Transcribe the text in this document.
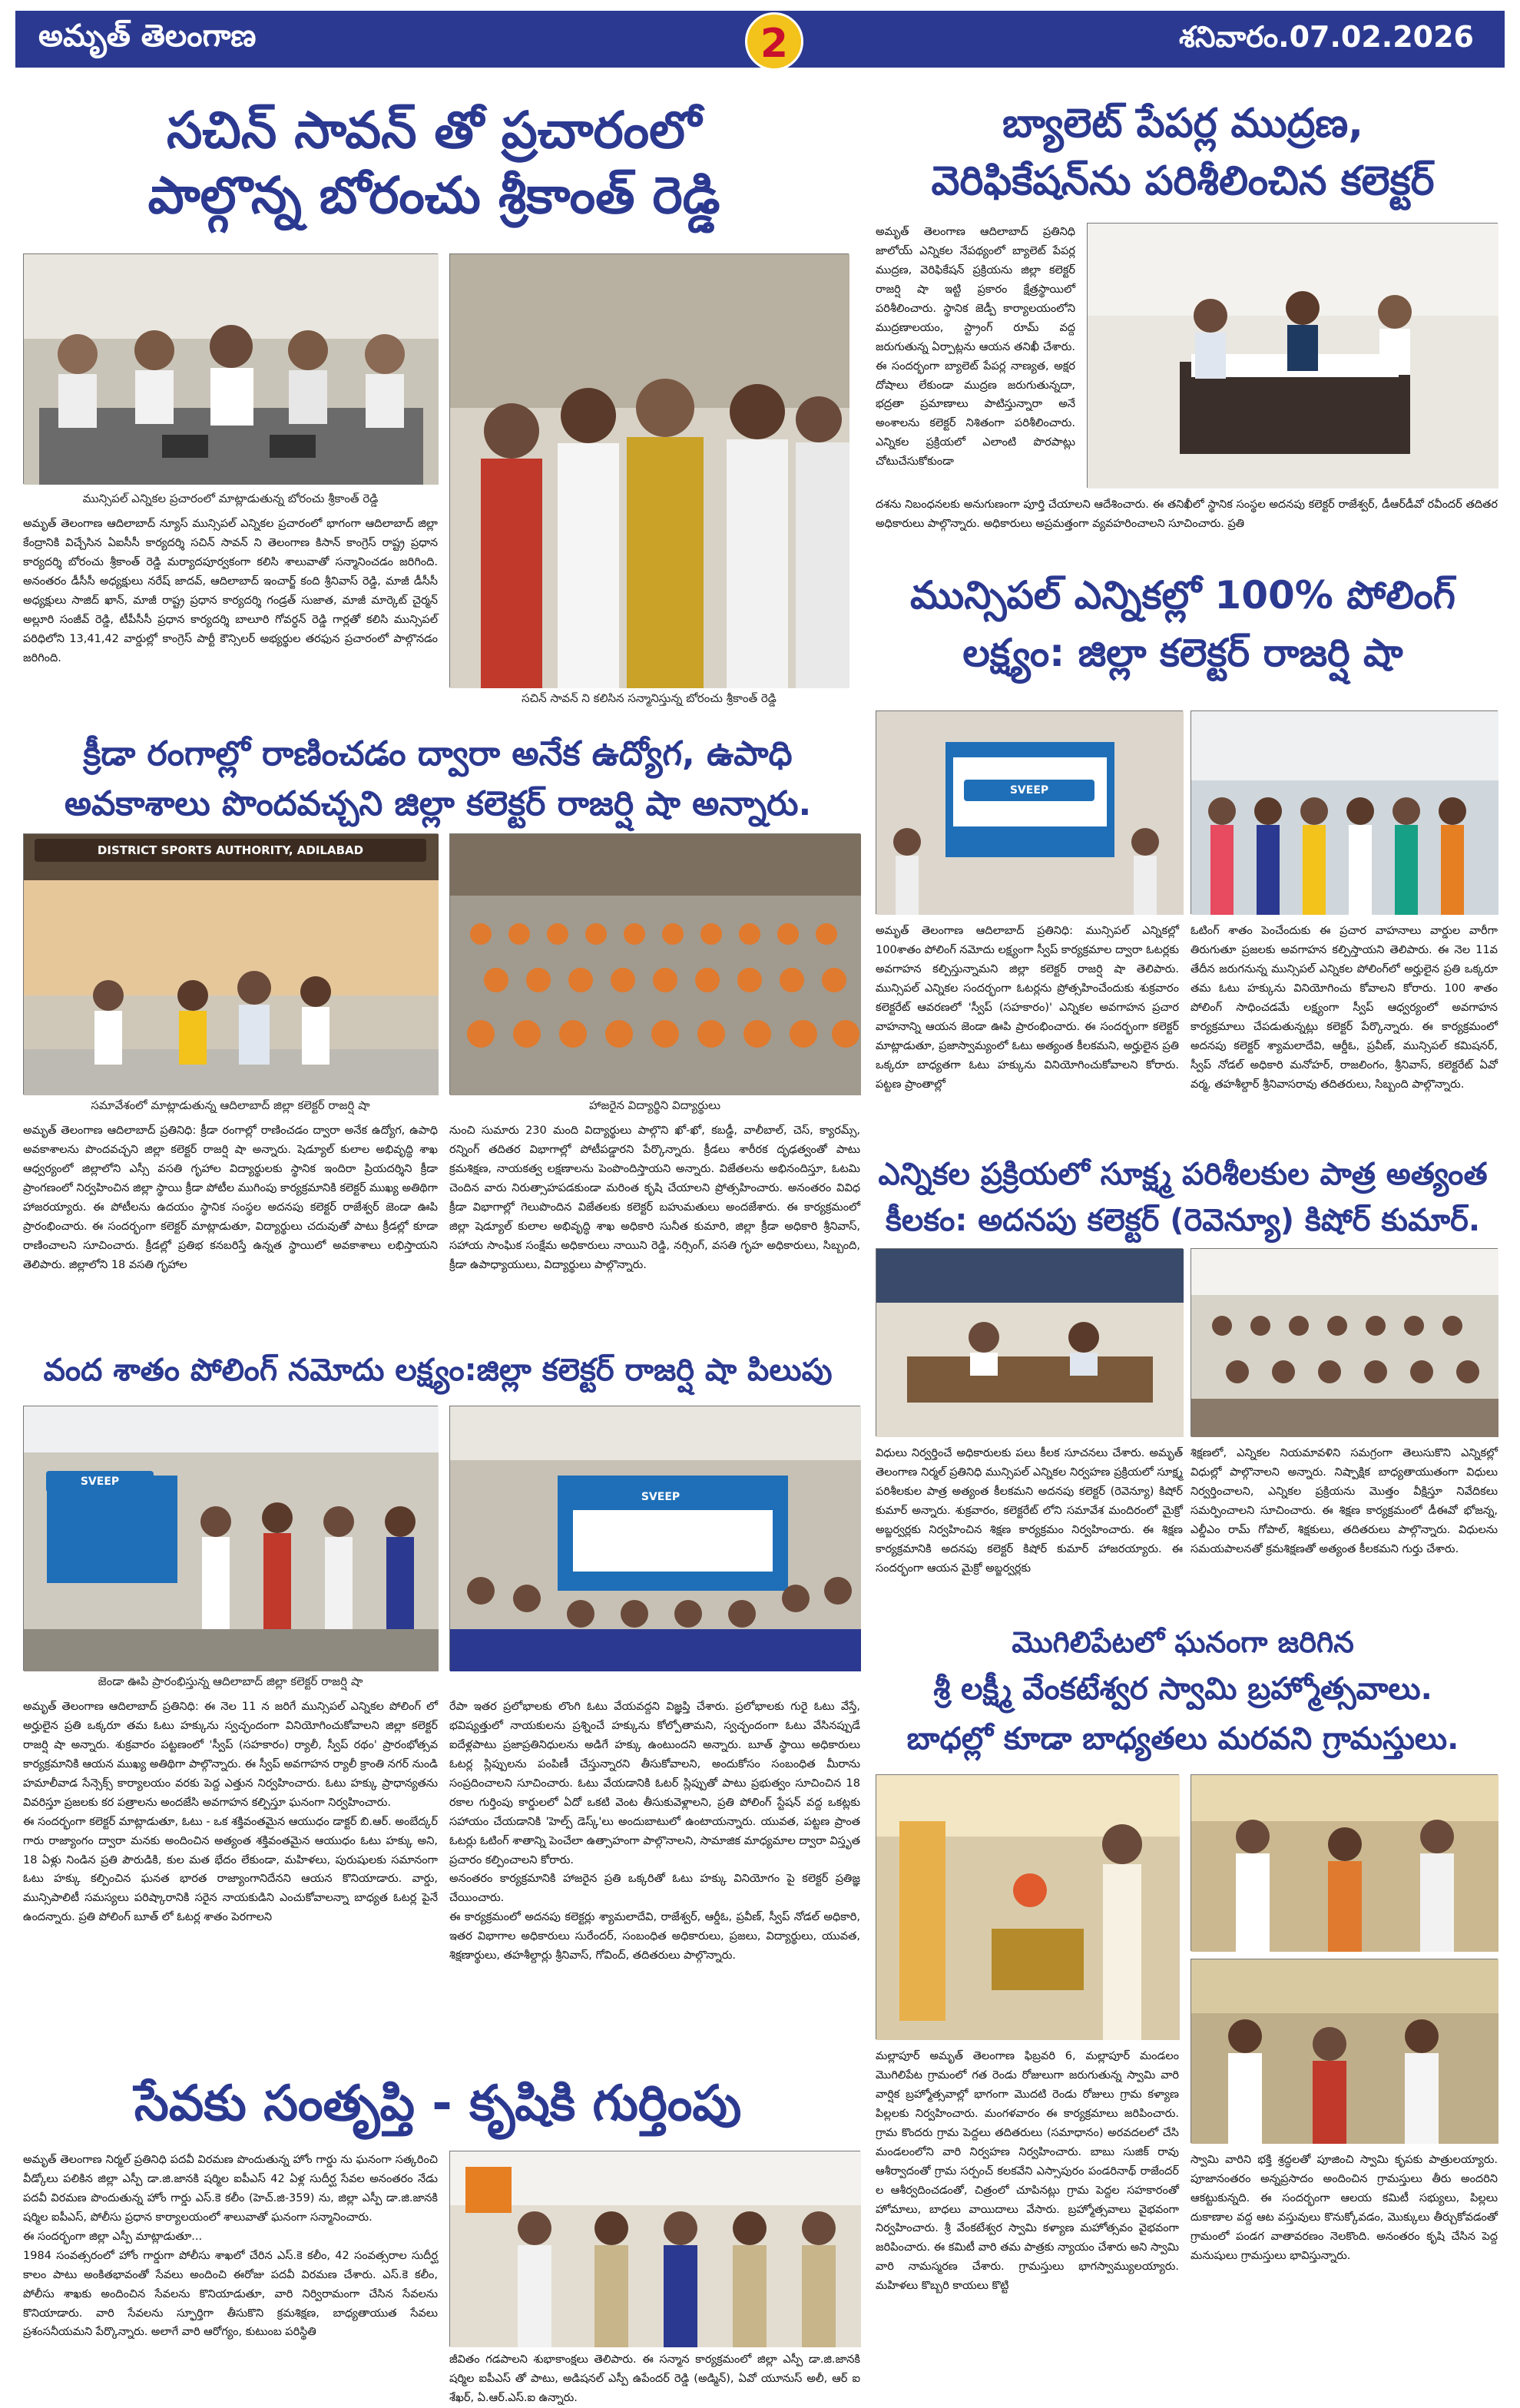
అమృత్ తెలంగాణ	2	శనివారం.07.02.2026
సచిన్ సావన్ తో ప్రచారంలో
పాల్గొన్న బోరంచు శ్రీకాంత్ రెడ్డి
మున్సిపల్ ఎన్నికల ప్రచారంలో మాట్లాడుతున్న బోరంచు శ్రీకాంత్ రెడ్డి
అమృత్ తెలంగాణ ఆదిలాబాద్ న్యూస్ మున్సిపల్ ఎన్నికల ప్రచారంలో భాగంగా ఆదిలాబాద్ జిల్లా కేంద్రానికి విచ్చేసిన ఏఐసీసీ కార్యదర్శి సచిన్ సావన్ ని తెలంగాణ కిసాన్ కాంగ్రెస్ రాష్ట్ర ప్రధాన కార్యదర్శి బోరంచు శ్రీకాంత్ రెడ్డి మర్యాదపూర్వకంగా కలిసి శాలువాతో సన్మానించడం జరిగింది. అనంతరం డీసీసీ అధ్యక్షులు నరేష్ జాదవ్, ఆదిలాబాద్ ఇంచార్జ్ కంది శ్రీనివాస్ రెడ్డి, మాజీ డీసీసీ అధ్యక్షులు సాజిద్ ఖాన్, మాజీ రాష్ట్ర ప్రధాన కార్యదర్శి గండ్రత్ సుజాత, మాజీ మార్కెట్ చైర్మన్ అల్లూరి సంజీవ్ రెడ్డి, టీపీసీసీ ప్రధాన కార్యదర్శి బాలూరి గోవర్ధన్ రెడ్డి గార్లతో కలిసి మున్సిపల్ పరిధిలోని 13,41,42 వార్డుల్లో కాంగ్రెస్ పార్టీ కౌన్సిలర్ అభ్యర్థుల తరఫున ప్రచారంలో పాల్గొనడం జరిగింది.
సచిన్ సావన్ ని కలిసిన సన్మానిస్తున్న బోరంచు శ్రీకాంత్ రెడ్డి
బ్యాలెట్ పేపర్ల ముద్రణ,
వెరిఫికేషన్‌ను పరిశీలించిన కలెక్టర్
అమృత్ తెలంగాణ ఆదిలాబాద్ ప్రతినిధి జాలోయ్ ఎన్నికల నేపథ్యంలో బ్యాలెట్ పేపర్ల ముద్రణ, వెరిఫికేషన్ ప్రక్రియను జిల్లా కలెక్టర్ రాజర్షి షా ఇట్టి ప్రకారం క్షేత్రస్థాయిలో పరిశీలించారు. స్థానిక జెడ్పీ కార్యాలయంలోని ముద్రణాలయం, స్ట్రాంగ్ రూమ్ వద్ద జరుగుతున్న ఏర్పాట్లను ఆయన తనిఖీ చేశారు. ఈ సందర్భంగా బ్యాలెట్ పేపర్ల నాణ్యత, అక్షర దోషాలు లేకుండా ముద్రణ జరుగుతున్నదా, భద్రతా ప్రమాణాలు పాటిస్తున్నారా అనే అంశాలను కలెక్టర్ నిశితంగా పరిశీలించారు. ఎన్నికల ప్రక్రియలో ఎలాంటి పొరపాట్లు చోటుచేసుకోకుండా
దశను నిబంధనలకు అనుగుణంగా పూర్తి చేయాలని ఆదేశించారు. ఈ తనిఖీలో స్థానిక సంస్థల అదనపు కలెక్టర్ రాజేశ్వర్, డీఆర్‌డీవో రవీందర్ తదితర అధికారులు పాల్గొన్నారు. అధికారులు అప్రమత్తంగా వ్యవహరించాలని సూచించారు. ప్రతి
మున్సిపల్ ఎన్నికల్లో 100% పోలింగ్
లక్ష్యం: జిల్లా కలెక్టర్ రాజర్షి షా
SVEEP
అమృత్ తెలంగాణ ఆదిలాబాద్ ప్రతినిధి: మున్సిపల్ ఎన్నికల్లో 100శాతం పోలింగ్ నమోదు లక్ష్యంగా స్వీప్ కార్యక్రమాల ద్వారా ఓటర్లకు అవగాహన కల్పిస్తున్నామని జిల్లా కలెక్టర్ రాజర్షి షా తెలిపారు. మున్సిపల్ ఎన్నికల సందర్భంగా ఓటర్లను ప్రోత్సహించేందుకు శుక్రవారం కలెక్టరేట్ ఆవరణలో 'స్వీప్ (సహకారం)' ఎన్నికల అవగాహన ప్రచార వాహనాన్ని ఆయన జెండా ఊపి ప్రారంభించారు. ఈ సందర్భంగా కలెక్టర్ మాట్లాడుతూ, ప్రజాస్వామ్యంలో ఓటు అత్యంత కీలకమని, అర్హులైన ప్రతి ఒక్కరూ బాధ్యతగా ఓటు హక్కును వినియోగించుకోవాలని కోరారు. పట్టణ ప్రాంతాల్లో
ఓటింగ్ శాతం పెంచేందుకు ఈ ప్రచార వాహనాలు వార్డుల వారీగా తిరుగుతూ ప్రజలకు అవగాహన కల్పిస్తాయని తెలిపారు. ఈ నెల 11వ తేదీన జరుగనున్న మున్సిపల్ ఎన్నికల పోలింగ్‌లో అర్హులైన ప్రతి ఒక్కరూ తమ ఓటు హక్కును వినియోగించు కోవాలని కోరారు. 100 శాతం పోలింగ్ సాధించడమే లక్ష్యంగా స్వీప్ ఆధ్వర్యంలో అవగాహన కార్యక్రమాలు చేపడుతున్నట్లు కలెక్టర్ పేర్కొన్నారు. ఈ కార్యక్రమంలో అదనపు కలెక్టర్ శ్యామలాదేవి, ఆర్డీఓ, ప్రవీణ్, మున్సిపల్ కమిషనర్, స్వీప్ నోడల్ అధికారి మనోహర్, రాజలింగం, శ్రీనివాస్, కలెక్టరేట్ ఏవో వర్మ, తహశీల్దార్ శ్రీనివాసరావు తదితరులు, సిబ్బంది పాల్గొన్నారు.
క్రీడా రంగాల్లో రాణించడం ద్వారా అనేక ఉద్యోగ, ఉపాధి
అవకాశాలు పొందవచ్చని జిల్లా కలెక్టర్ రాజర్షి షా అన్నారు.
DISTRICT SPORTS AUTHORITY, ADILABAD
సమావేశంలో మాట్లాడుతున్న ఆదిలాబాద్ జిల్లా కలెక్టర్ రాజర్షి షా	హాజరైన విద్యార్థిని విద్యార్థులు
అమృత్ తెలంగాణ ఆదిలాబాద్ ప్రతినిధి: క్రీడా రంగాల్లో రాణించడం ద్వారా అనేక ఉద్యోగ, ఉపాధి అవకాశాలను పొందవచ్చని జిల్లా కలెక్టర్ రాజర్షి షా అన్నారు. షెడ్యూల్ కులాల అభివృద్ధి శాఖ ఆధ్వర్యంలో జిల్లాలోని ఎస్సీ వసతి గృహాల విద్యార్థులకు స్థానిక ఇందిరా ప్రియదర్శిని క్రీడా ప్రాంగణంలో నిర్వహించిన జిల్లా స్థాయి క్రీడా పోటీల ముగింపు కార్యక్రమానికి కలెక్టర్ ముఖ్య అతిథిగా హాజరయ్యారు. ఈ పోటీలను ఉదయం స్థానిక సంస్థల అదనపు కలెక్టర్ రాజేశ్వర్ జెండా ఊపి ప్రారంభించారు. ఈ సందర్భంగా కలెక్టర్ మాట్లాడుతూ, విద్యార్థులు చదువుతో పాటు క్రీడల్లో కూడా రాణించాలని సూచించారు. క్రీడల్లో ప్రతిభ కనబరిస్తే ఉన్నత స్థాయిలో అవకాశాలు లభిస్తాయని తెలిపారు. జిల్లాలోని 18 వసతి గృహాల
నుంచి సుమారు 230 మంది విద్యార్థులు పాల్గొని ఖో-ఖో, కబడ్డీ, వాలీబాల్, చెస్, క్యారమ్స్, రన్నింగ్ తదితర విభాగాల్లో పోటీపడ్డారని పేర్కొన్నారు. క్రీడలు శారీరక దృఢత్వంతో పాటు క్రమశిక్షణ, నాయకత్వ లక్షణాలను పెంపొందిస్తాయని అన్నారు. విజేతలను అభినందిస్తూ, ఓటమి చెందిన వారు నిరుత్సాహపడకుండా మరింత కృషి చేయాలని ప్రోత్సహించారు. అనంతరం వివిధ క్రీడా విభాగాల్లో గెలుపొందిన విజేతలకు కలెక్టర్ బహుమతులు అందజేశారు. ఈ కార్యక్రమంలో జిల్లా షెడ్యూల్ కులాల అభివృద్ధి శాఖ అధికారి సునీత కుమారి, జిల్లా క్రీడా అధికారి శ్రీనివాస్, సహాయ సాంఘిక సంక్షేమ అధికారులు నాయిని రెడ్డి, నర్సింగ్, వసతి గృహ అధికారులు, సిబ్బంది, క్రీడా ఉపాధ్యాయులు, విద్యార్థులు పాల్గొన్నారు.
ఎన్నికల ప్రక్రియలో సూక్ష్మ పరిశీలకుల పాత్ర అత్యంత
కీలకం: అదనపు కలెక్టర్ (రెవెన్యూ) కిషోర్ కుమార్.
విధులు నిర్వర్తించే అధికారులకు పలు కీలక సూచనలు చేశారు. అమృత్ తెలంగాణ నిర్మల్ ప్రతినిధి మున్సిపల్ ఎన్నికల నిర్వహణ ప్రక్రియలో సూక్ష్మ పరిశీలకుల పాత్ర అత్యంత కీలకమని అదనపు కలెక్టర్ (రెవెన్యూ) కిషోర్ కుమార్ అన్నారు. శుక్రవారం, కలెక్టరేట్ లోని సమావేశ మందిరంలో మైక్రో అబ్జర్వర్లకు నిర్వహించిన శిక్షణ కార్యక్రమం నిర్వహించారు. ఈ శిక్షణ కార్యక్రమానికి అదనపు కలెక్టర్ కిషోర్ కుమార్ హాజరయ్యారు. ఈ సందర్భంగా ఆయన మైక్రో అబ్జర్వర్లకు
శిక్షణలో, ఎన్నికల నియమావళిని సమగ్రంగా తెలుసుకొని ఎన్నికల్లో విధుల్లో పాల్గొనాలని అన్నారు. నిష్పాక్షిక బాధ్యతాయుతంగా విధులు నిర్వర్తించాలని, ఎన్నికల ప్రక్రియను మొత్తం వీక్షిస్తూ నివేదికలు సమర్పించాలని సూచించారు. ఈ శిక్షణ కార్యక్రమంలో డీఈవో భోజన్న, ఎల్డీఎం రామ్ గోపాల్, శిక్షకులు, తదితరులు పాల్గొన్నారు. విధులను సమయపాలనతో క్రమశిక్షణతో అత్యంత కీలకమని గుర్తు చేశారు.
వంద శాతం పోలింగ్ నమోదు లక్ష్యం:జిల్లా కలెక్టర్ రాజర్షి షా పిలుపు
SVEEP
జెండా ఊపి ప్రారంభిస్తున్న ఆదిలాబాద్ జిల్లా కలెక్టర్ రాజర్షి షా
SVEEP
అమృత్ తెలంగాణ ఆదిలాబాద్ ప్రతినిధి: ఈ నెల 11 న జరిగే మున్సిపల్ ఎన్నికల పోలింగ్ లో అర్హులైన ప్రతి ఒక్కరూ తమ ఓటు హక్కును స్వచ్ఛందంగా వినియోగించుకోవాలని జిల్లా కలెక్టర్ రాజర్షి షా అన్నారు. శుక్రవారం పట్టణంలో 'స్వీప్ (సహకారం) ర్యాలీ, స్వీప్ రథం' ప్రారంభోత్సవ కార్యక్రమానికి ఆయన ముఖ్య అతిథిగా పాల్గొన్నారు. ఈ స్వీప్ అవగాహన ర్యాలీ క్రాంతి నగర్ నుండి హమాలీవాడ సేన్సెక్స్ కార్యాలయం వరకు పెద్ద ఎత్తున నిర్వహించారు. ఓటు హక్కు ప్రాధాన్యతను వివరిస్తూ ప్రజలకు కర పత్రాలను అందజేసి అవగాహన కల్పిస్తూ ఘనంగా నిర్వహించారు.
ఈ సందర్భంగా కలెక్టర్ మాట్లాడుతూ, ఓటు - ఒక శక్తివంతమైన ఆయుధం డాక్టర్ బి.ఆర్. అంబేద్కర్ గారు రాజ్యాంగం ద్వారా మనకు అందించిన అత్యంత శక్తివంతమైన ఆయుధం ఓటు హక్కు అని, 18 ఏళ్లు నిండిన ప్రతి పౌరుడికి, కుల మత భేదం లేకుండా, మహిళలు, పురుషులకు సమానంగా ఓటు హక్కు కల్పించిన ఘనత భారత రాజ్యాంగానిదేనని ఆయన కొనియాడారు. వార్డు, మున్సిపాలిటీ సమస్యలు పరిష్కారానికి సరైన నాయకుడిని ఎంచుకోవాలన్నా బాధ్యత ఓటర్ల పైనే ఉందన్నారు. ప్రతి పోలింగ్ బూత్ లో ఓటర్ల శాతం పెరగాలని
రేపా ఇతర ప్రలోభాలకు లొంగి ఓటు వేయవద్దని విజ్ఞప్తి చేశారు. ప్రలోభాలకు గురై ఓటు వేస్తే, భవిష్యత్తులో నాయకులను ప్రశ్నించే హక్కును కోల్పోతామని, స్వచ్ఛందంగా ఓటు వేసినప్పుడే ఐదేళ్లపాటు ప్రజాప్రతినిధులను అడిగే హక్కు ఉంటుందని అన్నారు. బూత్ స్థాయి అధికారులు ఓటర్ల స్లిప్పులను పంపిణీ చేస్తున్నారని తీసుకోవాలని, అందుకోసం సంబంధిత మీరాను సంప్రదించాలని సూచించారు. ఓటు వేయడానికి ఓటర్ స్లిప్పుతో పాటు ప్రభుత్వం సూచించిన 18 రకాల గుర్తింపు కార్డులలో ఏదో ఒకటి వెంట తీసుకువెళ్లాలని, ప్రతి పోలింగ్ స్టేషన్ వద్ద ఒకట్లకు సహాయం చేయడానికి 'హెల్ప్ డెస్క్'లు అందుబాటులో ఉంటాయన్నారు. యువత, పట్టణ ప్రాంత ఓటర్లు ఓటింగ్ శాతాన్ని పెంచేలా ఉత్సాహంగా పాల్గొనాలని, సామాజిక మాధ్యమాల ద్వారా విస్తృత ప్రచారం కల్పించాలని కోరారు.
అనంతరం కార్యక్రమానికి హాజరైన ప్రతి ఒక్కరితో ఓటు హక్కు వినియోగం పై కలెక్టర్ ప్రతిజ్ఞ చేయించారు.
ఈ కార్యక్రమంలో అదనపు కలెక్టర్లు శ్యామలాదేవి, రాజేశ్వర్, ఆర్డీఓ, ప్రవీణ్, స్వీప్ నోడల్ అధికారి, ఇతర విభాగాల అధికారులు సురేందర్, సంబంధిత అధికారులు, ప్రజలు, విద్యార్థులు, యువత, శిక్షణార్థులు, తహశీల్దార్లు శ్రీనివాస్, గోవింద్, తదితరులు పాల్గొన్నారు.
మొగిలిపేటలో ఘనంగా జరిగిన
శ్రీ లక్ష్మీ వేంకటేశ్వర స్వామి బ్రహ్మోత్సవాలు.
బాధల్లో కూడా బాధ్యతలు మరవని గ్రామస్తులు.
మల్లాపూర్ అమృత్ తెలంగాణ ఫిబ్రవరి 6, మల్లాపూర్ మండలం మొగిలిపేట గ్రామంలో గత రెండు రోజులుగా జరుగుతున్న స్వామి వారి వార్షిక బ్రహ్మోత్సవాల్లో భాగంగా మొదటి రెండు రోజులు గ్రామ కళ్యాణ పిల్లలకు నిర్వహించారు. మంగళవారం ఈ కార్యక్రమాలు జరిపించారు. గ్రామ కొందరు గ్రామ పెద్దలు తదితరులు (సమాధానం) అరవదలలో చేసి మండలంలోని వారి నిర్వహణ నిర్వహించారు. బాబు సుజిక్ రావు ఆశీర్వాదంతో గ్రామ సర్పంచ్ కలకవేని ఎస్సాపురం పండరినాథ్ రాజేందర్ ల ఆశీర్వదించడంతో, చిత్రంలో చూపినట్లు గ్రామ పెద్దల సహకారంతో హోమాలు, బాధలు వాయిదాలు వేసారు. బ్రహ్మోత్సవాలు వైభవంగా నిర్వహించారు. శ్రీ వేంకటేశ్వర స్వామి కళ్యాణ మహోత్సవం వైభవంగా జరిపించారు. ఈ కమిటీ వారి తమ పాత్రకు న్యాయం చేశారు అని స్వామి వారి నామస్మరణ చేశారు. గ్రామస్తులు భాగస్వామ్యులయ్యారు. మహిళలు కొబ్బరి కాయలు కొట్టి
స్వామి వారిని భక్తి శ్రద్ధలతో పూజించి స్వామి కృపకు పాత్రులయ్యారు. పూజానంతరం అన్నప్రసాదం అందించిన గ్రామస్తులు తీరు అందరిని ఆకట్టుకున్నది. ఈ సందర్భంగా ఆలయ కమిటీ సభ్యులు, పిల్లలు దుకాణాల వద్ద ఆట వస్తువులు కొనుక్కోవడం, మొక్కులు తీర్చుకోవడంతో గ్రామంలో పండగ వాతావరణం నెలకొంది. అనంతరం కృషి చేసిన పెద్ద మనుషులు గ్రామస్తులు భావిస్తున్నారు.
సేవకు సంతృప్తి - కృషికి గుర్తింపు
అమృత్ తెలంగాణ నిర్మల్ ప్రతినిధి పదవీ విరమణ పొందుతున్న హోం గార్డు ను ఘనంగా సత్కరించి వీడ్కోలు పలికిన జిల్లా ఎస్పీ డా.జి.జానకి షర్మిల ఐపీఎస్ 42 ఏళ్ల సుదీర్ఘ సేవల అనంతరం నేడు పదవీ విరమణ పొందుతున్న హోం గార్డు ఎస్.కె కలీం (హెచ్.జి-359) ను, జిల్లా ఎస్పీ డా.జి.జానకి షర్మిల ఐపీఎస్, పోలీసు ప్రధాన కార్యాలయంలో శాలువాతో ఘనంగా సన్మానించారు.
ఈ సందర్భంగా జిల్లా ఎస్పీ మాట్లాడుతూ...
1984 సంవత్సరంలో హోం గార్డుగా పోలీసు శాఖలో చేరిన ఎస్.కె కలీం, 42 సంవత్సరాల సుదీర్ఘ కాలం పాటు అంకితభావంతో సేవలు అందించి ఈరోజు పదవీ విరమణ చేశారు. ఎస్.కె కలీం, పోలీసు శాఖకు అందించిన సేవలను కొనియాడుతూ, వారి నిర్విరామంగా చేసిన సేవలను కొనియాడారు. వారి సేవలను స్ఫూర్తిగా తీసుకొని క్రమశిక్షణ, బాధ్యతాయుత సేవలు ప్రశంసనీయమని పేర్కొన్నారు. అలాగే వారి ఆరోగ్యం, కుటుంబ పరిస్థితి
జీవితం గడపాలని శుభాకాంక్షలు తెలిపారు. ఈ సన్మాన కార్యక్రమంలో జిల్లా ఎస్పీ డా.జి.జానకి షర్మిల ఐపీఎస్ తో పాటు, అడిషనల్ ఎస్పీ ఉపేందర్ రెడ్డి (అడ్మిన్), ఏవో యూనుస్ అలీ, ఆర్ ఐ శేఖర్, ఏ.ఆర్.ఎస్.ఐ ఉన్నారు.
